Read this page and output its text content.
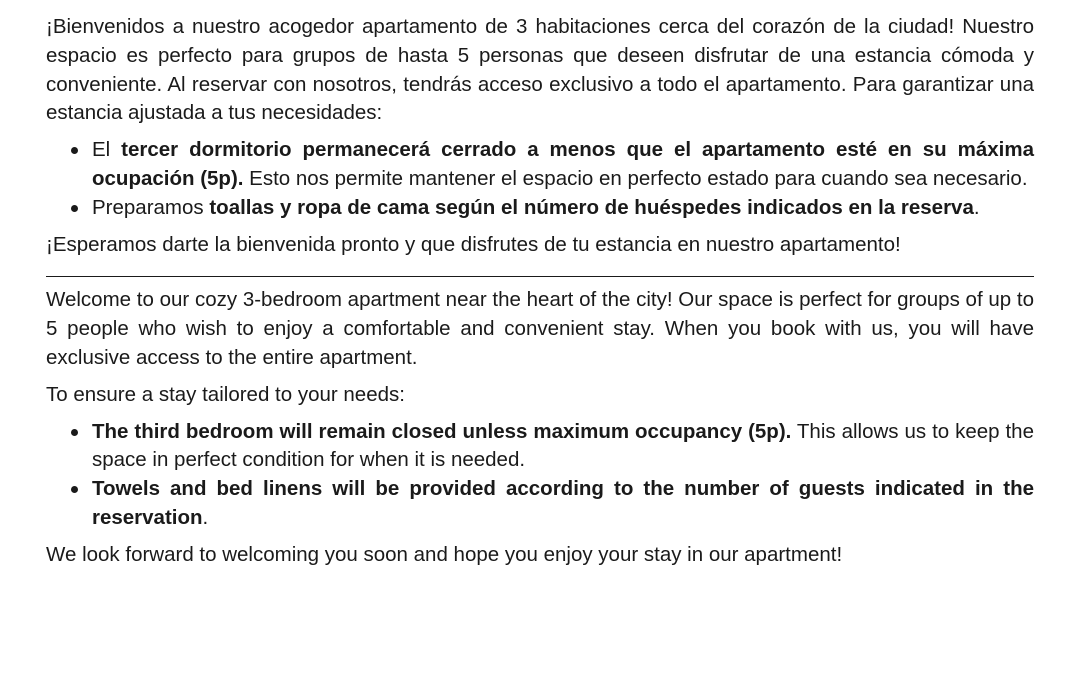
¡Bienvenidos a nuestro acogedor apartamento de 3 habitaciones cerca del corazón de la ciudad! Nuestro espacio es perfecto para grupos de hasta 5 personas que deseen disfrutar de una estancia cómoda y conveniente. Al reservar con nosotros, tendrás acceso exclusivo a todo el apartamento. Para garantizar una estancia ajustada a tus necesidades:

El tercer dormitorio permanecerá cerrado a menos que el apartamento esté en su máxima ocupación (5p). Esto nos permite mantener el espacio en perfecto estado para cuando sea necesario.
Preparamos toallas y ropa de cama según el número de huéspedes indicados en la reserva.

¡Esperamos darte la bienvenida pronto y que disfrutes de tu estancia en nuestro apartamento!

Welcome to our cozy 3-bedroom apartment near the heart of the city! Our space is perfect for groups of up to 5 people who wish to enjoy a comfortable and convenient stay. When you book with us, you will have exclusive access to the entire apartment.

To ensure a stay tailored to your needs:

The third bedroom will remain closed unless maximum occupancy (5p). This allows us to keep the space in perfect condition for when it is needed.
Towels and bed linens will be provided according to the number of guests indicated in the reservation.

We look forward to welcoming you soon and hope you enjoy your stay in our apartment!
